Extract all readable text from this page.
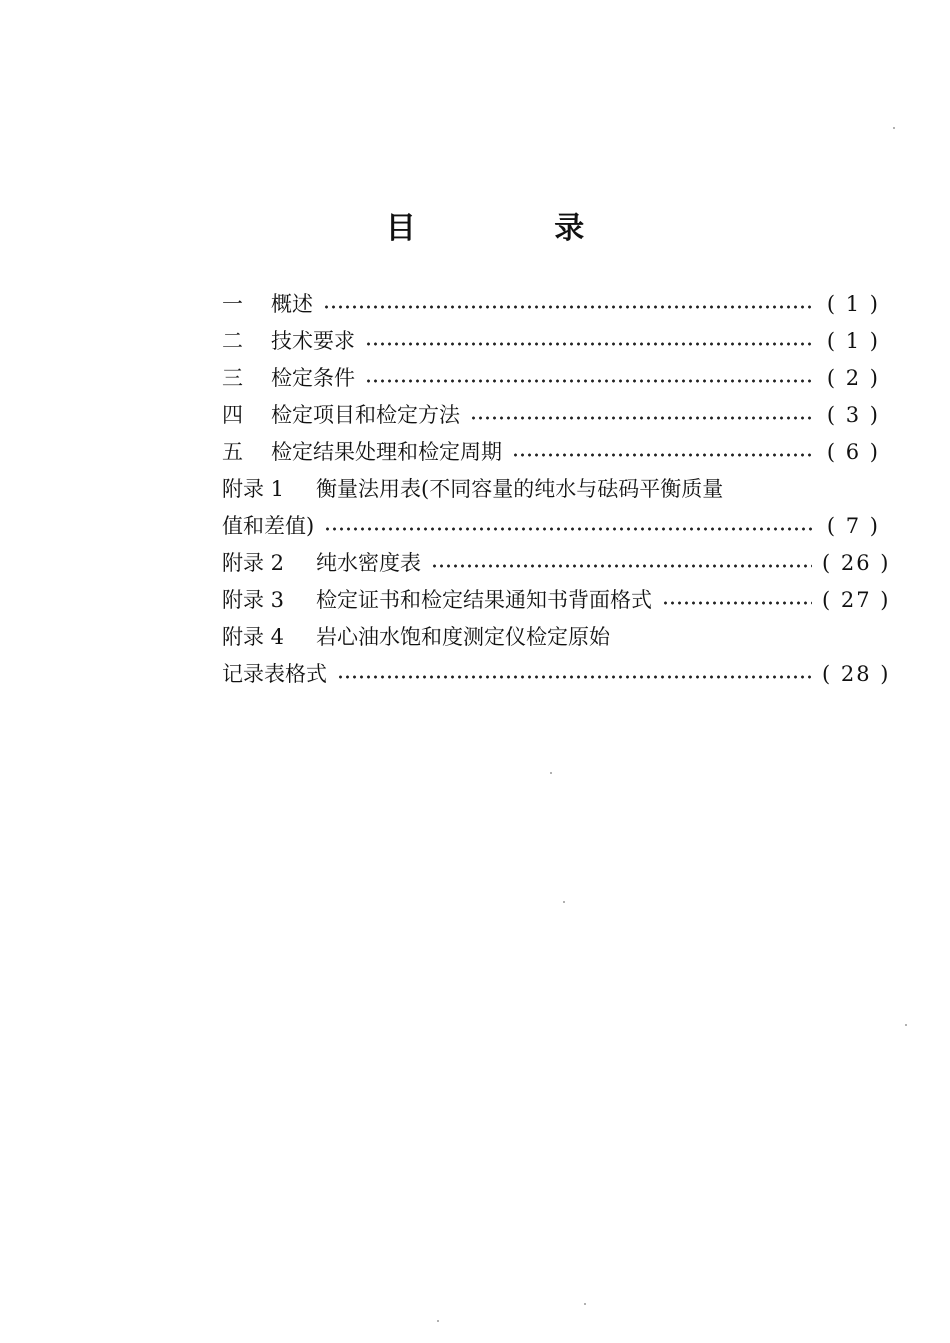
目 录
一	概述	( 1 )
二	技术要求	( 1 )
三	检定条件	( 2 )
四	检定项目和检定方法	( 3 )
五	检定结果处理和检定周期	( 6 )
附录 1	衡量法用表(不同容量的纯水与砝码平衡质量
值和差值)	( 7 )
附录 2	纯水密度表	( 26 )
附录 3	检定证书和检定结果通知书背面格式	( 27 )
附录 4	岩心油水饱和度测定仪检定原始
记录表格式	( 28 )
